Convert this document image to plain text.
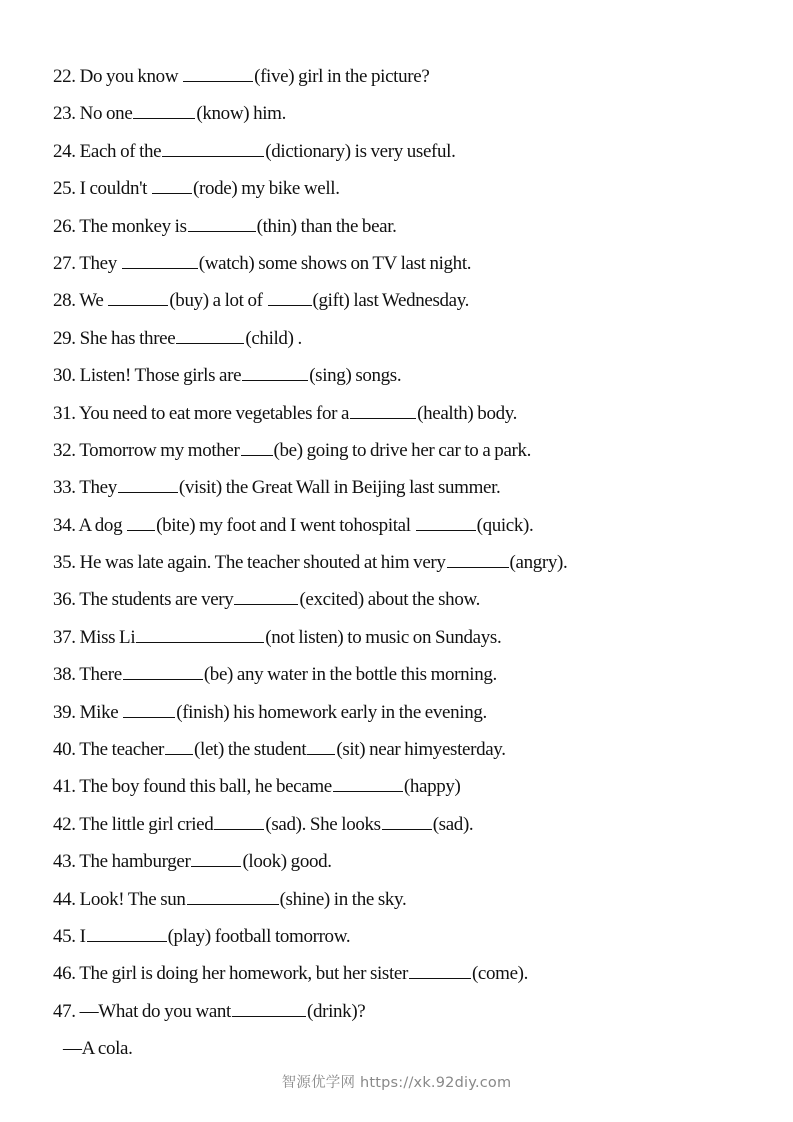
22. Do you know	(five) girl in the picture?
23. No one	(know) him.
24. Each of the	(dictionary) is very useful.
25. I couldn't (rode) my bike well.
26. The monkey is	(thin) than the bear.
27. They	(watch) some shows on TV last night.
28. We	(buy) a lot of (gift) last Wednesday.
29. She has three	(child) .
30. Listen! Those girls are	(sing) songs.
31. You need to eat more vegetables for a	(health) body.
32. Tomorrow my mother (be) going to drive her car to a park.
33. They	(visit) the Great Wall in Beijing last summer.
34. A dog (bite) my foot and I went tohospital	(quick).
35. He was late again. The teacher shouted at him very	(angry).
36. The students are very	(excited) about the show.
37. Miss Li	(not listen) to music on Sundays.
38. There	(be) any water in the bottle this morning.
39. Mike	(finish) his homework early in the evening.
40. The teacher (let) the student (sit) near himyesterday.
41. The boy found this ball, he became	(happy)
42. The little girl cried	(sad). She looks	(sad).
43. The hamburger	(look) good.
44. Look! The sun	(shine) in the sky.
45. I	(play) football tomorrow.
46. The girl is doing her homework, but her sister	(come).
47. —What do you want	(drink)?
—A cola.
智源优学网 https://xk.92diy.com
